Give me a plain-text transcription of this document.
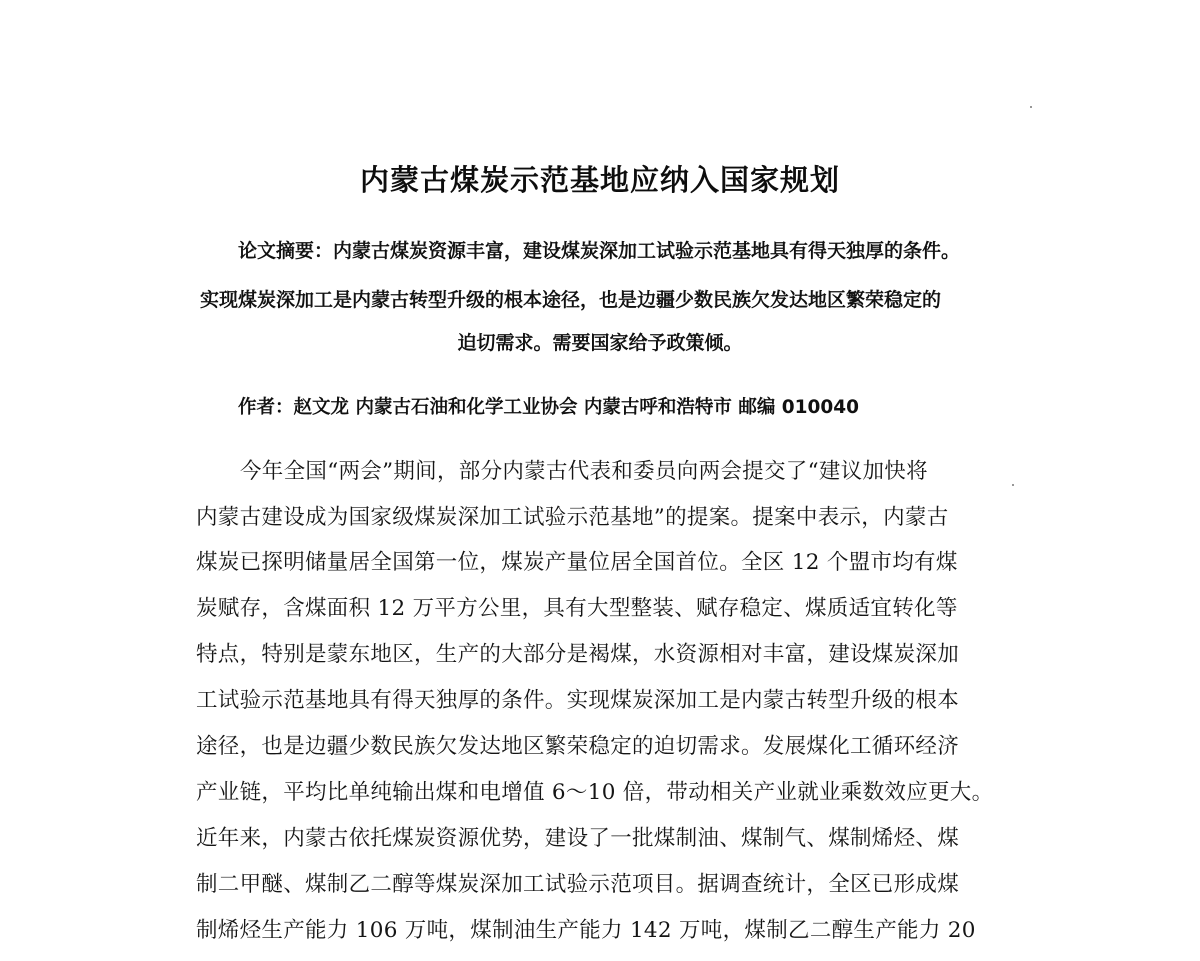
内蒙古煤炭示范基地应纳入国家规划
论文摘要：内蒙古煤炭资源丰富，建设煤炭深加工试验示范基地具有得天独厚的条件。
实现煤炭深加工是内蒙古转型升级的根本途径，也是边疆少数民族欠发达地区繁荣稳定的
迫切需求。需要国家给予政策倾。
作者：赵文龙 内蒙古石油和化学工业协会 内蒙古呼和浩特市 邮编 010040
今年全国“两会”期间，部分内蒙古代表和委员向两会提交了“建议加快将
内蒙古建设成为国家级煤炭深加工试验示范基地”的提案。提案中表示，内蒙古
煤炭已探明储量居全国第一位，煤炭产量位居全国首位。全区 12 个盟市均有煤
炭赋存，含煤面积 12 万平方公里，具有大型整装、赋存稳定、煤质适宜转化等
特点，特别是蒙东地区，生产的大部分是褐煤，水资源相对丰富，建设煤炭深加
工试验示范基地具有得天独厚的条件。实现煤炭深加工是内蒙古转型升级的根本
途径，也是边疆少数民族欠发达地区繁荣稳定的迫切需求。发展煤化工循环经济
产业链，平均比单纯输出煤和电增值 6～10 倍，带动相关产业就业乘数效应更大。
近年来，内蒙古依托煤炭资源优势，建设了一批煤制油、煤制气、煤制烯烃、煤
制二甲醚、煤制乙二醇等煤炭深加工试验示范项目。据调查统计，全区已形成煤
制烯烃生产能力 106 万吨，煤制油生产能力 142 万吨，煤制乙二醇生产能力 20
